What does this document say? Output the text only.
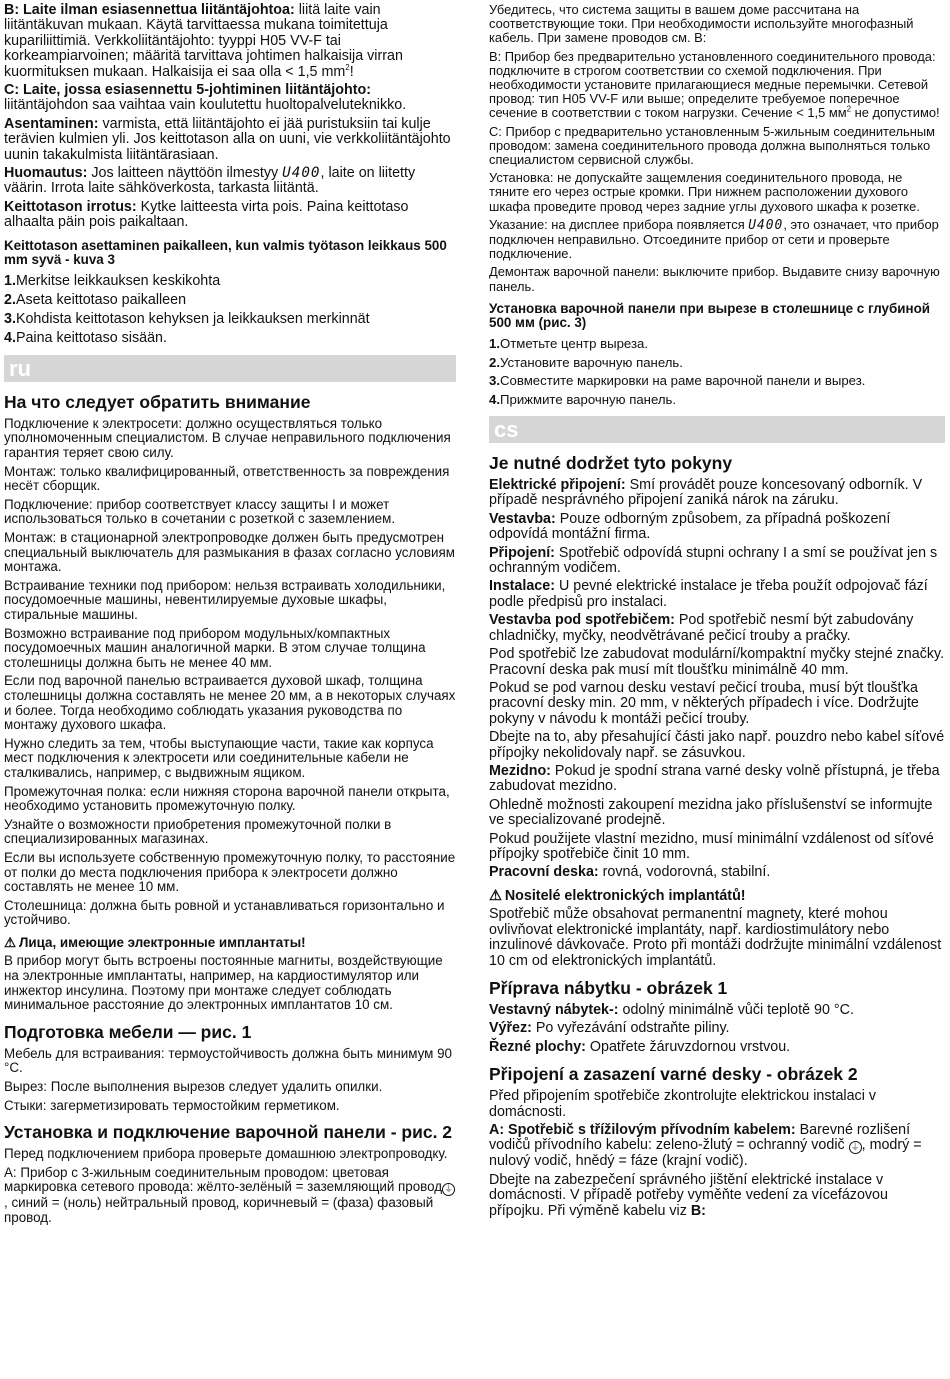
B: Laite ilman esiasennettua liitäntäjohtoa: liitä laite vain liitäntäkuvan mukaan. Käytä tarvittaessa mukana toimitettuja kupariliittimiä. Verkkoliitäntäjohto: tyyppi H05 VV-F tai korkeampiarvoinen; määritä tarvittava johtimen halkaisija virran kuormituksen mukaan. Halkaisija ei saa olla < 1,5 $mm^2$!

C: Laite, jossa esiasennettu 5-johtiminen liitäntäjohto: liitäntäjohdon saa vaihtaa vain koulutettu huoltopalveluteknikko.

Asentaminen: varmista, että liitäntäjohto ei jää puristuksiin tai kulje terävien kulmien yli. Jos keittotason alla on uuni, vie verkkoliitäntäjohto uunin takakulmista liitäntärasiaan.

Huomautus: Jos laitteen näyttöön ilmestyy U400, laite on liitetty väärin. Irrota laite sähköverkosta, tarkasta liitäntä.

Keittotason irrotus: Kytke laitteesta virta pois. Paina keittotaso alhaalta päin pois paikaltaan.

Keittotason asettaminen paikalleen, kun valmis työtason leikkaus 500 mm syvä - kuva 3
1.Merkitse leikkauksen keskikohta
2.Aseta keittotaso paikalleen
3.Kohdista keittotason kehyksen ja leikkauksen merkinnät
4.Paina keittotaso sisään.
ru
На что следует обратить внимание

Подключение к электросети: должно осуществляться только уполномоченным специалистом. В случае неправильного подключения гарантия теряет свою силу.

Монтаж: только квалифицированный, ответственность за повреждения несёт сборщик.

Подключение: прибор соответствует классу защиты I и может использоваться только в сочетании с розеткой с заземлением.

Монтаж: в стационарной электропроводке должен быть предусмотрен специальный выключатель для размыкания в фазах согласно условиям монтажа.

Встраивание техники под прибором: нельзя встраивать холодильники, посудомоечные машины, невентилируемые духовые шкафы, стиральные машины.

Возможно встраивание под прибором модульных/компактных посудомоечных машин аналогичной марки. В этом случае толщина столешницы должна быть не менее 40 мм.

Если под варочной панелью встраивается духовой шкаф, толщина столешницы должна составлять не менее 20 мм, а в некоторых случаях и более. Тогда необходимо соблюдать указания руководства по монтажу духового шкафа.

Нужно следить за тем, чтобы выступающие части, такие как корпуса мест подключения к электросети или соединительные кабели не сталкивались, например, с выдвижным ящиком.

Промежуточная полка: если нижняя сторона варочной панели открыта, необходимо установить промежуточную полку.

Узнайте о возможности приобретения промежуточной полки в специализированных магазинах.

Если вы используете собственную промежуточную полку, то расстояние от полки до места подключения прибора к электросети должно составлять не менее 10 мм.

Столешница: должна быть ровной и устанавливаться горизонтально и устойчиво.

⚠ Лица, имеющие электронные имплантаты!

В прибор могут быть встроены постоянные магниты, воздействующие на электронные имплантаты, например, на кардиостимулятор или инжектор инсулина. Поэтому при монтаже следует соблюдать минимальное расстояние до электронных имплантатов 10 см.

Подготовка мебели — рис. 1

Мебель для встраивания: термоустойчивость должна быть минимум 90 °C.

Вырез: После выполнения вырезов следует удалить опилки.

Стыки: загерметизировать термостойким герметиком.

Установка и подключение варочной панели - рис. 2

Перед подключением прибора проверьте домашнюю электропроводку.

A: Прибор с 3-жильным соединительным проводом: цветовая маркировка сетевого провода: жёлто-зелёный = заземляющий провод ⏚ , синий = (ноль) нейтральный провод, коричневый = (фаза) фазовый провод.

Убедитесь, что система защиты в вашем доме рассчитана на соответствующие токи. При необходимости используйте многофазный кабель. При замене проводов см. B:

B: Прибор без предварительно установленного соединительного провода: подключите в строгом соответствии со схемой подключения. При необходимости установите прилагающиеся медные перемычки. Сетевой провод: тип H05 VV-F или выше; определите требуемое поперечное сечение в соответствии с током нагрузки. Сечение < 1,5 $мм^2$ не допустимо!

C: Прибор с предварительно установленным 5-жильным соединительным проводом: замена соединительного провода должна выполняться только специалистом сервисной службы.

Установка: не допускайте защемления соединительного провода, не тяните его через острые кромки. При нижнем расположении духового шкафа проведите провод через задние углы духового шкафа к розетке.

Указание: на дисплее прибора появляется U400, это означает, что прибор подключен неправильно. Отсоедините прибор от сети и проверьте подключение.

Демонтаж варочной панели: выключите прибор. Выдавите снизу варочную панель.

Установка варочной панели при вырезе в столешнице с глубиной 500 мм (рис. 3)
1.Отметьте центр выреза.
2.Установите варочную панель.
3.Совместите маркировки на раме варочной панели и вырез.
4.Прижмите варочную панель.
cs
Je nutné dodržet tyto pokyny

Elektrické připojení: Smí provádět pouze koncesovaný odborník. V případě nesprávného připojení zaniká nárok na záruku.

Vestavba: Pouze odborným způsobem, za případná poškození odpovídá montážní firma.

Připojení: Spotřebič odpovídá stupni ochrany I a smí se používat jen s ochranným vodičem.

Instalace: U pevné elektrické instalace je třeba použít odpojovač fází podle předpisů pro instalaci.

Vestavba pod spotřebičem: Pod spotřebič nesmí být zabudovány chladničky, myčky, neodvětrávané pečicí trouby a pračky.

Pod spotřebič lze zabudovat modulární/kompaktní myčky stejné značky. Pracovní deska pak musí mít tloušťku minimálně 40 mm.

Pokud se pod varnou desku vestaví pečicí trouba, musí být tloušťka pracovní desky min. 20 mm, v některých případech i více. Dodržujte pokyny v návodu k montáži pečicí trouby.

Dbejte na to, aby přesahující části jako např. pouzdro nebo kabel síťové přípojky nekolidovaly např. se zásuvkou.

Mezidno: Pokud je spodní strana varné desky volně přístupná, je třeba zabudovat mezidno.

Ohledně možnosti zakoupení mezidna jako příslušenství se informujte ve specializované prodejně.

Pokud použijete vlastní mezidno, musí minimální vzdálenost od síťové přípojky spotřebiče činit 10 mm.

Pracovní deska: rovná, vodorovná, stabilní.

⚠ Nositelé elektronických implantátů!

Spotřebič může obsahovat permanentní magnety, které mohou ovlivňovat elektronické implantáty, např. kardiostimulátory nebo inzulinové dávkovače. Proto při montáži dodržujte minimální vzdálenost 10 cm od elektronických implantátů.

Příprava nábytku - obrázek 1

Vestavný nábytek-: odolný minimálně vůči teplotě 90 °C.

Výřez: Po vyřezávání odstraňte piliny.

Řezné plochy: Opatřete žáruvzdornou vrstvou.

Připojení a zasazení varné desky - obrázek 2

Před připojením spotřebiče zkontrolujte elektrickou instalaci v domácnosti.

A: Spotřebič s třížilovým přívodním kabelem: Barevné rozlišení vodičů přívodního kabelu: zeleno-žlutý = ochranný vodič ⏚ , modrý = nulový vodič, hnědý = fáze (krajní vodič).

Dbejte na zabezpečení správného jištění elektrické instalace v domácnosti. V případě potřeby vyměňte vedení za vícefázovou přípojku. Při výměně kabelu viz B:
